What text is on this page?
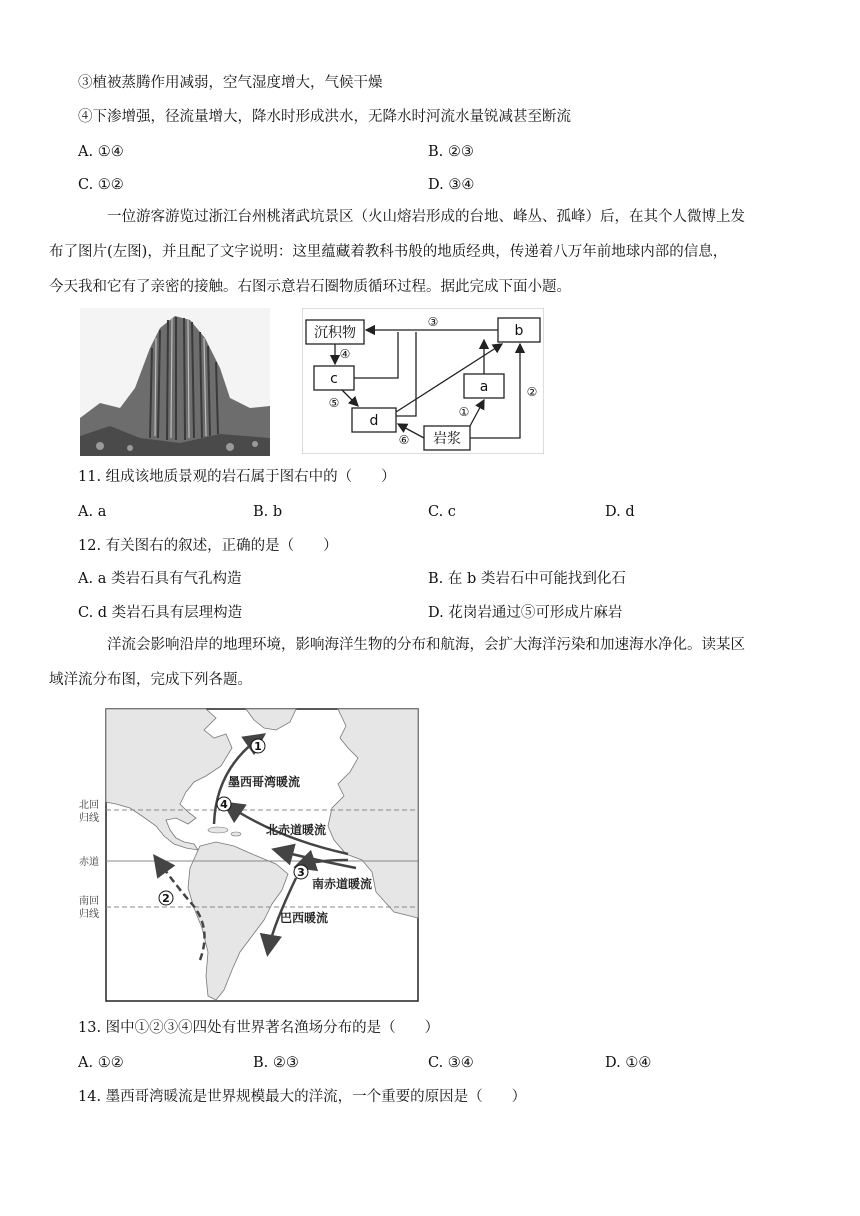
③植被蒸腾作用减弱，空气湿度增大，气候干燥
④下渗增强，径流量增大，降水时形成洪水，无降水时河流水量锐减甚至断流
A. ①④	B. ②③
C. ①②	D. ③④
一位游客游览过浙江台州桃渚武坑景区（火山熔岩形成的台地、峰丛、孤峰）后，在其个人微博上发
布了图片(左图)，并且配了文字说明：这里蕴藏着教科书般的地质经典，传递着八万年前地球内部的信息，
今天我和它有了亲密的接触。右图示意岩石圈物质循环过程。据此完成下面小题。
沉积物	b
c	a
d
岩浆
③
④
⑤
⑥
①
②
11. 组成该地质景观的岩石属于图右中的（　　）
A. a	B. b	C. c	D. d
12. 有关图右的叙述，正确的是（　　）
A. a 类岩石具有气孔构造	B. 在 b 类岩石中可能找到化石
C. d 类岩石具有层理构造	D. 花岗岩通过⑤可形成片麻岩
洋流会影响沿岸的地理环境，影响海洋生物的分布和航海，会扩大海洋污染和加速海水净化。读某区
域洋流分布图，完成下列各题。
1
4
3
2
墨西哥湾暖流
北赤道暖流
南赤道暖流
巴西暖流
北回
归线
赤道
南回
归线
13. 图中①②③④四处有世界著名渔场分布的是（　　）
A. ①②	B. ②③	C. ③④	D. ①④
14. 墨西哥湾暖流是世界规模最大的洋流，一个重要的原因是（　　）
